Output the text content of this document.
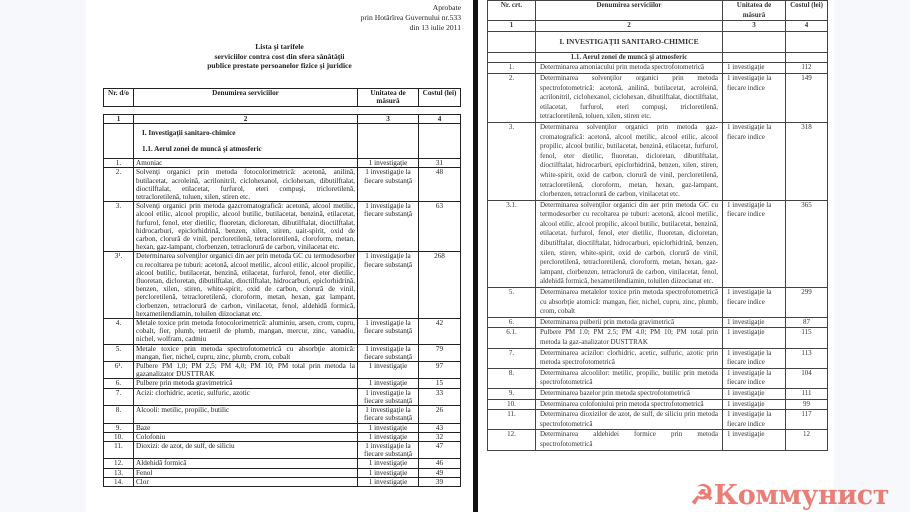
Aprobate
prin Hotărîrea Guvernului nr.533
din 13 iulie 2011
Lista şi tarifele
serviciilor contra cost din sfera sănătăţii
publice prestate persoanelor fizice şi juridice
Nr. d/o	Denumirea serviciilor	Unitatea de măsură	Costul (lei)
1	2	3	4

	I. Investigaţii sanitaro-chimice
1.1. Aerul zonei de muncă şi atmosferic		

1.	Amoniac	1 investigaţie	31
2.	Solvenţi organici prin metoda fotocolorimetrică: acetonă, anilină, butilacetat, acroleină, acrilonitril, ciclohexanol, ciclohexan, dibutilftalat, dioctilftalat, etilacetat, furfurol, eteri compuşi, tricloretilenă, tetracloretilenă, toluen, xilen, stiren etc.	1 investigaţie la fiecare substanţă	48
3.	Solvenţi organici prin metoda gazcromatografică: acetonă, alcool metilic, alcool etilic, alcool propilic, alcool butilic, butilacetat, benzină, etilacetat, furfurol, fenol, eter dietilic, fluoretan, dicloretan, dibutilftalat, dioctilftalat, hidrocarburi, epiclorhidrină, benzen, xilen, stiren, uait-spirit, oxid de carbon, clorură de vinil, percloretilenă, tetracloretilenă, cloroform, metan, hexan, gaz-lampant, clorbenzen, tetraclorură de carbon, vinilacetat etc.	1 investigaţie la fiecare substanţă	63
3¹.	Determinarea solvenţilor organici din aer prin metoda GC cu termodesorber cu recoltarea pe tuburi: acetonă, alcool metilic, alcool etilic, alcool propilic, alcool butilic, butilacetat, benzină, etilacetat, furfurol, fenol, eter dietilic, fluoretan, dicloretan, dibutilftalat, dioctilftalat, hidrocarburi, epiclorhidrină, benzen, xilen, stiren, white-spirit, oxid de carbon, clorură de vinil, percloretilenă, tetracloretilenă, cloroform, metan, hexan, gaz lampant, clorbenzen, tetraclorură de carbon, vinilacetat, fenol, aldehidă formică, hexametilendiamin, toluilen diizocianat etc.	1 investigaţie la fiecare substanţă	268
4.	Metale toxice prin metoda fotocolorimetrică: aluminiu, arsen, crom, cupru, cobalt, fier, plumb, tetraetil de plumb, mangan, mercur, zinc, vanadiu, nichel, wolfram, cadmiu	1 investigaţie la fiecare substanţă	42
5.	Metale toxice prin metoda spectrofotometrică cu absorbţie atomică: mangan, fier, nichel, cupru, zinc, plumb, crom, cobalt	1 investigaţie la fiecare substanţă	79
6¹.	Pulbere PM 1,0; PM 2,5; PM 4,0; PM 10; PM total prin metoda la gazanalizator DUSTTRAK	1 investigaţie	97
6.	Pulbere prin metoda gravimetrică	1 investigaţie	15
7.	Acizi: clorhidric, acetic, sulfuric, azotic	1 investigaţie la fiecare substanţă	33
8.	Alcooli: metilic, propilic, butilic	1 investigaţie la fiecare substanţă	26
9.	Baze	1 investigaţie	43
10.	Colofoniu	1 investigaţie	32
11.	Dioxizi: de azot, de sulf, de siliciu	1 investigaţie la fiecare substanţă	47
12.	Aldehidă formică	1 investigaţie	46
13.	Fenol	1 investigaţie	49
14.	Clor	1 investigaţie	39
Nr. crt.	Denumirea serviciilor	Unitatea de măsură	Costul (lei)
1	2	3	4
	I. INVESTIGAŢII SANITARO-CHIMICE		
	1.1. Aerul zonei de muncă şi atmosferic		
1.	Determinarea amoniacului prin metoda spectrofotometrică	1 investigaţie	112
2.	Determinarea solvenţilor organici prin metoda spectrofotometrică: acetonă, anilină, butilacetat, acroleină, acrilonitril, ciclohexanol, ciclohexan, dibutilftalat, dioctilftalat, etilacetat, furfurol, eteri compuşi, tricloretilenă, tetracloretilenă, toluen, xilen, stiren etc.	1 investigaţie la fiecare indice	149
3.	Determinarea solvenţilor organici prin metoda gaz-cromatografică: acetonă, alcool metilic, alcool etilic, alcool propilic, alcool butilic, butilacetat, benzină, etilacetat, furfurol, fenol, eter dietilic, fluoretan, dicloretan, dibutilftalat, dioctilftalat, hidrocarburi, epiclorhidrină, benzen, xilen, stiren, white-spirit, oxid de carbon, clorură de vinil, percloretilenă, tetracloretilenă, cloroform, metan, hexan, gaz-lampant, clorbenzen, tetraclorură de carbon, vinilacetat etc.	1 investigaţie la fiecare indice	318
3.1.	Determinarea solvenţilor organici din aer prin metoda GC cu termodesorber cu recoltarea pe tuburi: acetonă, alcool metilic, alcool etilic, alcool propilic, alcool butilic, butilacetat, benzină, etilacetat, furfurol, fenol, eter dietilic, fluoretan, dicloretan, dibutilftalat, dioctilftalat, hidrocarburi, epiclorhidrină, benzen, xilen, stiren, white-spirit, oxid de carbon, clorură de vinil, percloretilenă, tetracloretilenă, cloroform, metan, hexan, gaz-lampant, clorbenzen, tetraclorură de carbon, vinilacetat, fenol, aldehidă formică, hexametilendiamin, toluilen diizocianat etc.	1 investigaţie la fiecare indice	365
5.	Determinarea metalelor toxice prin metoda spectrofotometrică cu absorbţie atomică: mangan, fier, nichel, cupru, zinc, plumb, crom, cobalt	1 investigaţie la fiecare indice	299
6.	Determinarea pulberii prin metoda gravimetrică	1 investigaţie	87
6.1.	Pulbere PM 1.0; PM 2.5; PM 4.0; PM 10; PM total prin metoda la gaz-analizator DUSTTRAK	1 investigaţie	115
7.	Determinarea acizilor: clorhidric, acetic, sulfuric, azotic prin metoda spectrofotometrică	1 investigaţie la fiecare indice	113
8.	Determinarea alcoolilor: metilic, propilic, butilic prin metoda spectrofotometrică	1 investigaţie la fiecare indice	104
9.	Determinarea bazelor prin metoda spectrofotometrică	1 investigaţie	111
10.	Determinarea colofoniului prin metoda spectrofotometrică	1 investigaţie	99
11.	Determinarea dioxizilor de azot, de sulf, de siliciu prin metoda spectrofotometrică	1 investigaţie la fiecare indice	117
12.	Determinarea aldehidei formice prin metoda spectrofotometrică	1 investigaţie	12
☭Коммунист
